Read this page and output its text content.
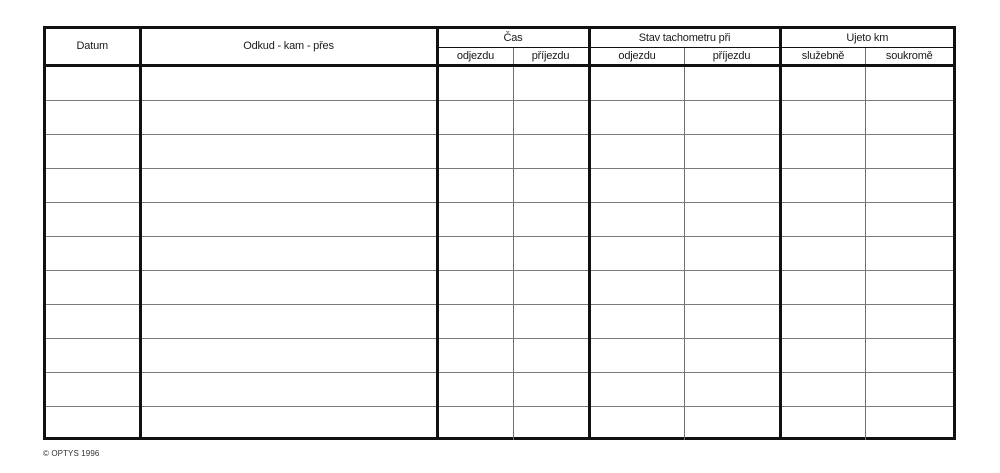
Datum	Odkud - kam - přes	Čas		Stav tachometru při		Ujeto km	
		odjezdu	příjezdu	odjezdu	příjezdu	služebně	soukromě

© OPTYS 1996
